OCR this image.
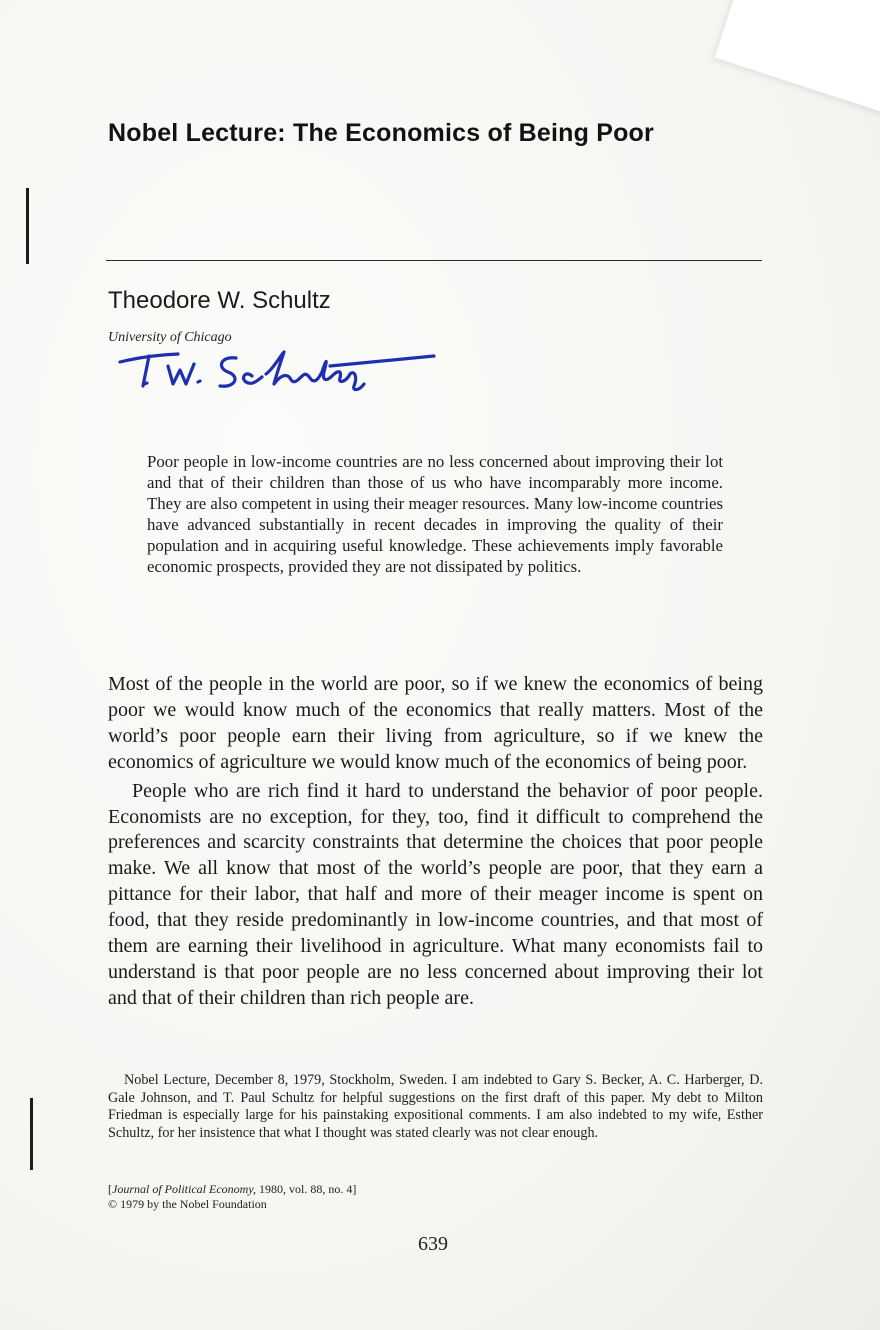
Nobel Lecture: The Economics of Being Poor

Theodore W. Schultz

University of Chicago

Poor people in low-income countries are no less concerned about improving their lot and that of their children than those of us who have incomparably more income. They are also competent in using their meager resources. Many low-income countries have advanced substantially in recent decades in improving the quality of their population and in acquiring useful knowledge. These achievements imply favorable economic prospects, provided they are not dissipated by politics.

Most of the people in the world are poor, so if we knew the economics of being poor we would know much of the economics that really matters. Most of the world’s poor people earn their living from agriculture, so if we knew the economics of agriculture we would know much of the economics of being poor.

People who are rich find it hard to understand the behavior of poor people. Economists are no exception, for they, too, find it difficult to comprehend the preferences and scarcity constraints that determine the choices that poor people make. We all know that most of the world’s people are poor, that they earn a pittance for their labor, that half and more of their meager income is spent on food, that they reside predominantly in low-income countries, and that most of them are earning their livelihood in agriculture. What many economists fail to understand is that poor people are no less concerned about improving their lot and that of their children than rich people are.

Nobel Lecture, December 8, 1979, Stockholm, Sweden. I am indebted to Gary S. Becker, A. C. Harberger, D. Gale Johnson, and T. Paul Schultz for helpful suggestions on the first draft of this paper. My debt to Milton Friedman is especially large for his painstaking expositional comments. I am also indebted to my wife, Esther Schultz, for her insistence that what I thought was stated clearly was not clear enough.

[Journal of Political Economy, 1980, vol. 88, no. 4]
© 1979 by the Nobel Foundation

639
